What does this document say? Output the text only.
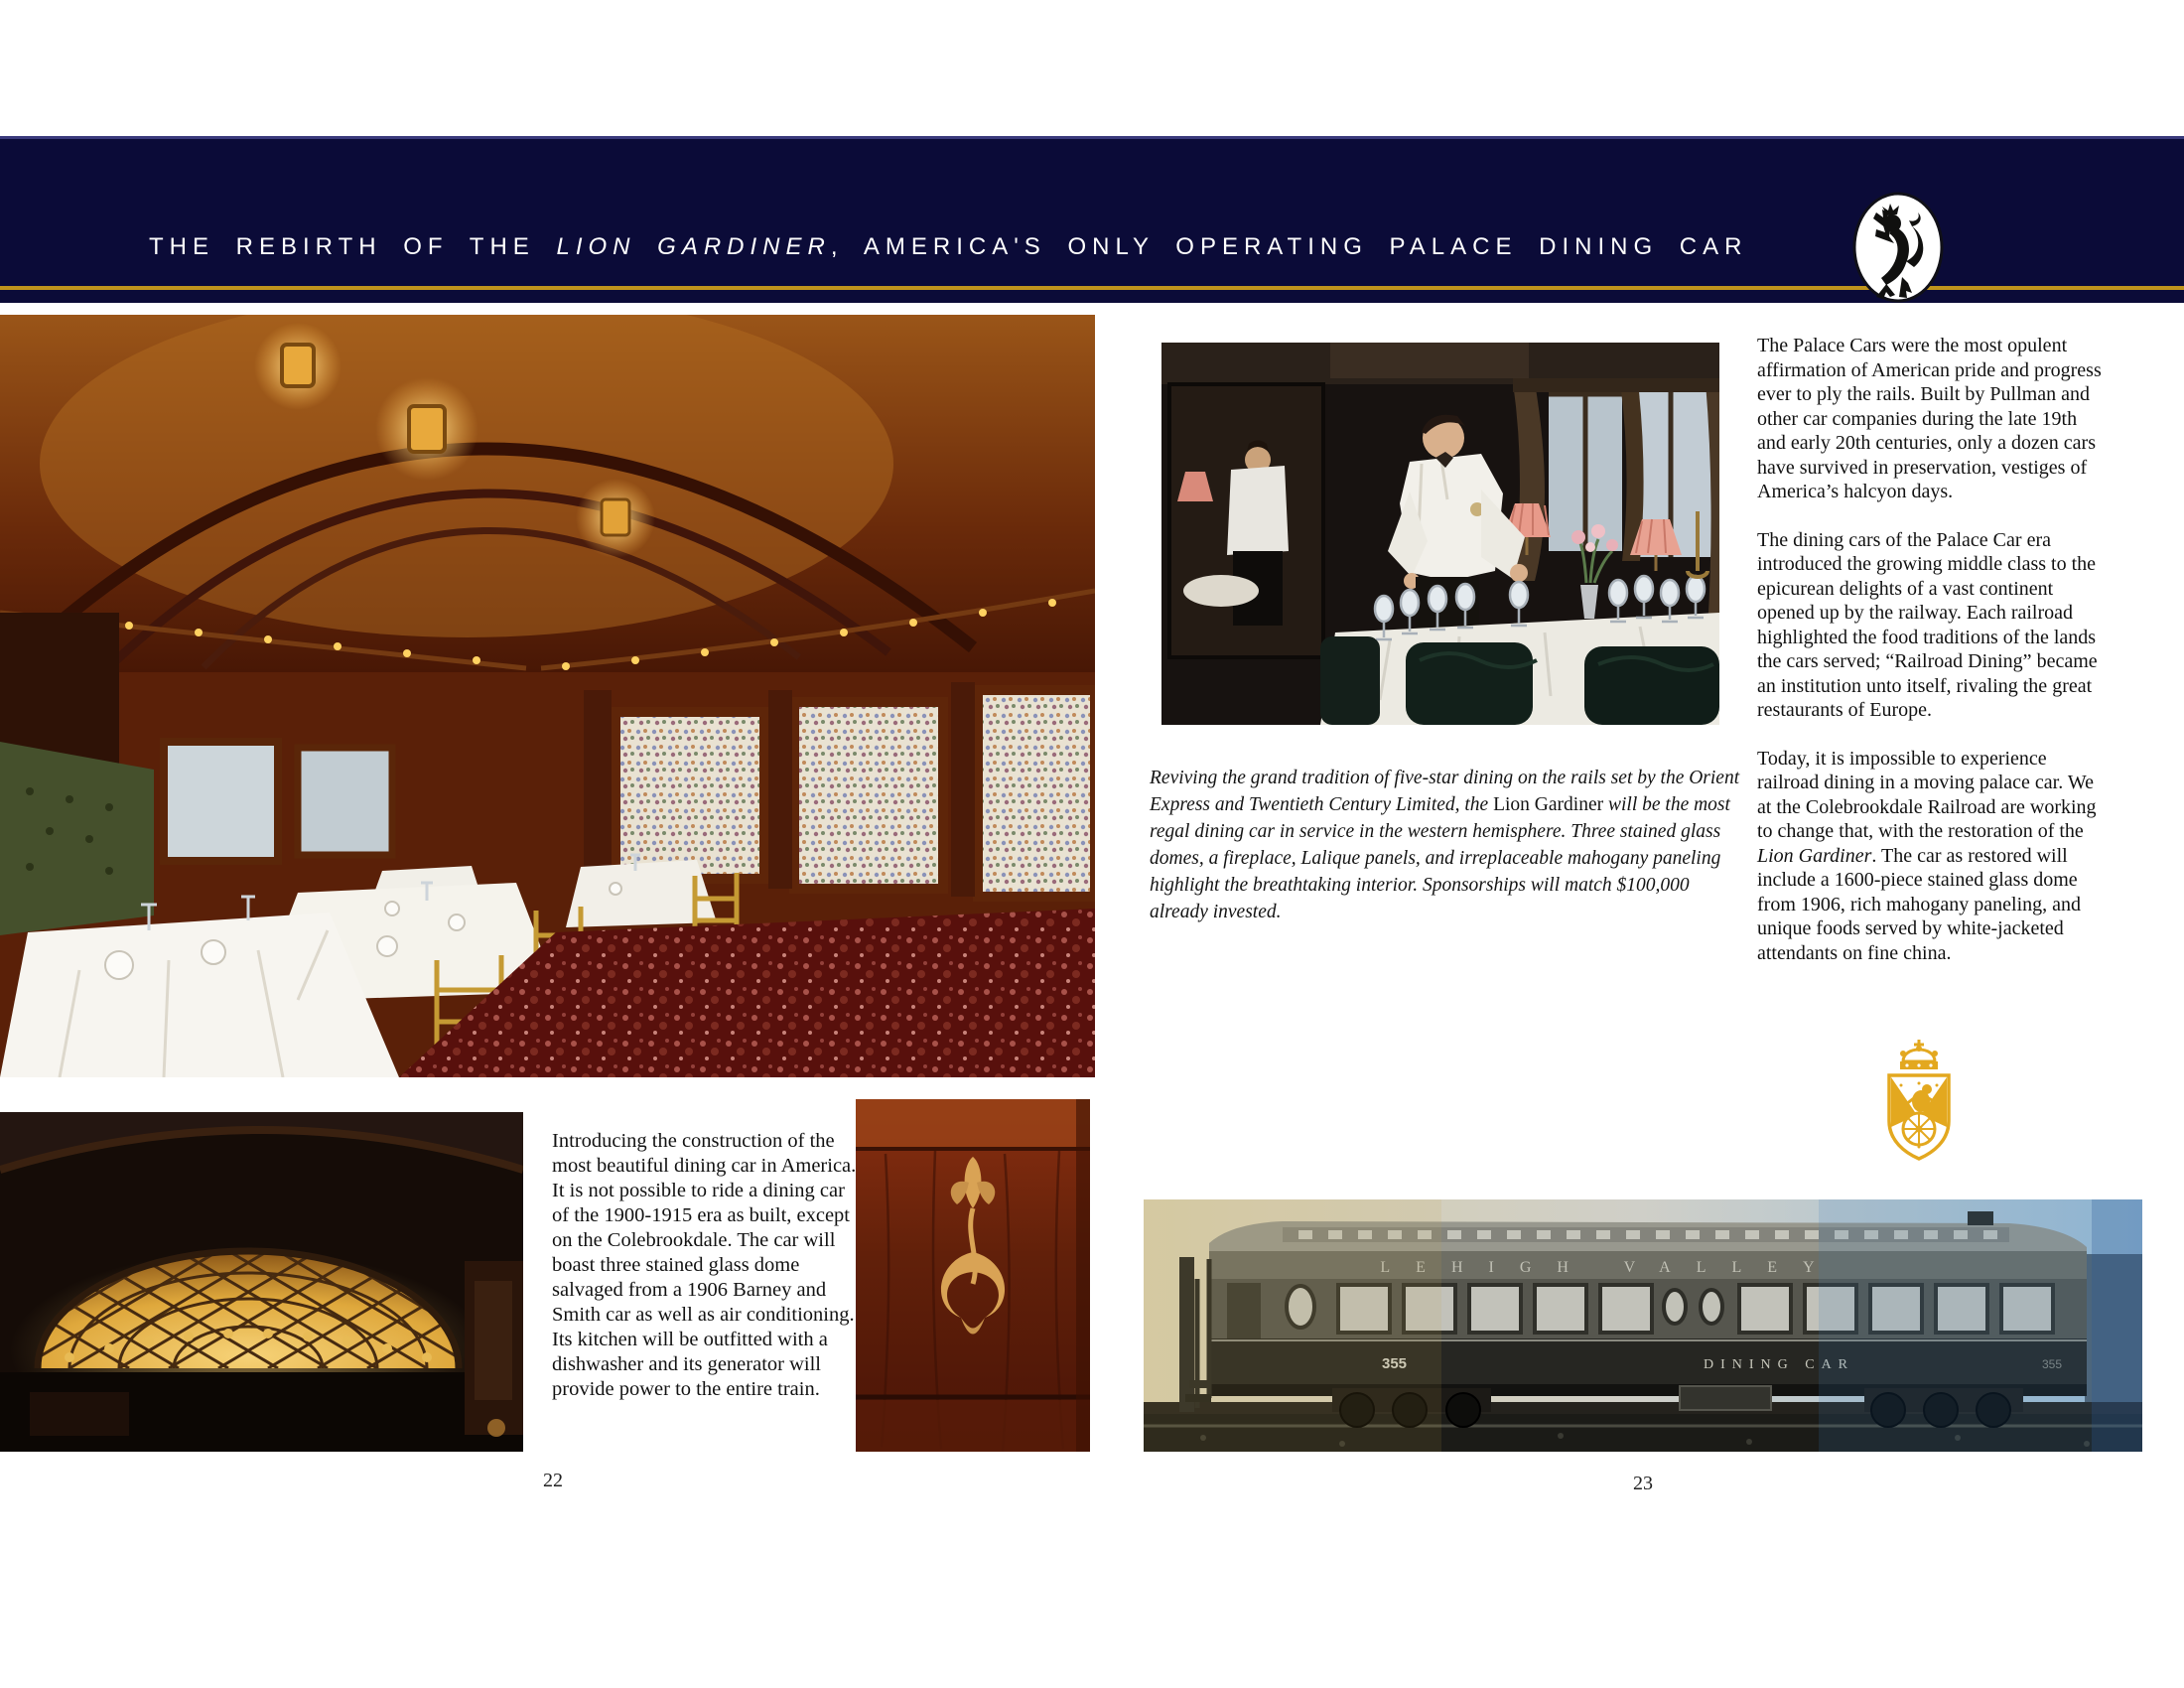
THE REBIRTH OF THE LION GARDINER, AMERICA'S ONLY OPERATING PALACE DINING CAR

Reviving the grand tradition of five-star dining on the rails set by the Orient Express and Twentieth Century Limited, the Lion Gardiner will be the most regal dining car in service in the western hemisphere. Three stained glass domes, a fireplace, Lalique panels, and irreplaceable mahogany paneling highlight the breathtaking interior. Sponsorships will match $100,000 already invested.

The Palace Cars were the most opulent affirmation of American pride and progress ever to ply the rails. Built by Pullman and other car companies during the late 19th and early 20th centuries, only a dozen cars have survived in preservation, vestiges of America’s halcyon days.

The dining cars of the Palace Car era introduced the growing middle class to the epicurean delights of a vast continent opened up by the railway. Each railroad highlighted the food traditions of the lands the cars served; “Railroad Dining” became an institution unto itself, rivaling the great restaurants of Europe.

Today, it is impossible to experience railroad dining in a moving palace car. We at the Colebrookdale Railroad are working to change that, with the restoration of the Lion Gardiner. The car as restored will include a 1600-piece stained glass dome from 1906, rich mahogany paneling, and unique foods served by white-jacketed attendants on fine china.

Introducing the construction of the most beautiful dining car in America. It is not possible to ride a dining car of the 1900-1915 era as built, except on the Colebrookdale. The car will boast three stained glass dome salvaged from a 1906 Barney and Smith car as well as air conditioning. Its kitchen will be outfitted with a dishwasher and its generator will provide power to the entire train.

LEHIGH VALLEY
355	DINING CAR	355
22	23
